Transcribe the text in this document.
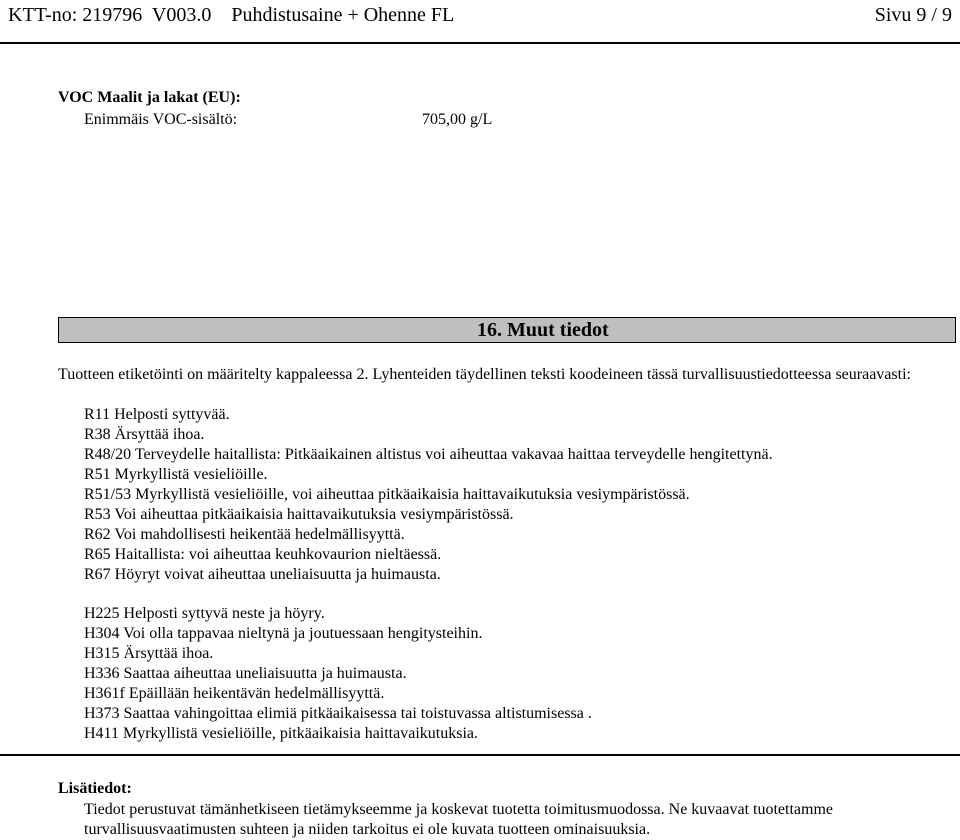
KTT-no: 219796  V003.0    Puhdistusaine + Ohenne FL	Sivu 9 / 9
VOC Maalit ja lakat (EU):
Enimmäis VOC-sisältö:	705,00 g/L
16. Muut tiedot
Tuotteen etiketöinti on määritelty kappaleessa 2. Lyhenteiden täydellinen teksti koodeineen tässä turvallisuustiedotteessa seuraavasti:
R11 Helposti syttyvää.
R38 Ärsyttää ihoa.
R48/20 Terveydelle haitallista: Pitkäaikainen altistus voi aiheuttaa vakavaa haittaa terveydelle hengitettynä.
R51 Myrkyllistä vesieliöille.
R51/53 Myrkyllistä vesieliöille, voi aiheuttaa pitkäaikaisia haittavaikutuksia vesiympäristössä.
R53 Voi aiheuttaa pitkäaikaisia haittavaikutuksia vesiympäristössä.
R62 Voi mahdollisesti heikentää hedelmällisyyttä.
R65 Haitallista: voi aiheuttaa keuhkovaurion nieltäessä.
R67 Höyryt voivat aiheuttaa uneliaisuutta ja huimausta.
H225 Helposti syttyvä neste ja höyry.
H304 Voi olla tappavaa nieltynä ja joutuessaan hengitysteihin.
H315 Ärsyttää ihoa.
H336 Saattaa aiheuttaa uneliaisuutta ja huimausta.
H361f Epäillään heikentävän hedelmällisyyttä.
H373 Saattaa vahingoittaa elimiä pitkäaikaisessa tai toistuvassa altistumisessa .
H411 Myrkyllistä vesieliöille, pitkäaikaisia haittavaikutuksia.
Lisätiedot:
Tiedot perustuvat tämänhetkiseen tietämykseemme ja koskevat tuotetta toimitusmuodossa. Ne kuvaavat tuotettamme turvallisuusvaatimusten suhteen ja niiden tarkoitus ei ole kuvata tuotteen ominaisuuksia.
